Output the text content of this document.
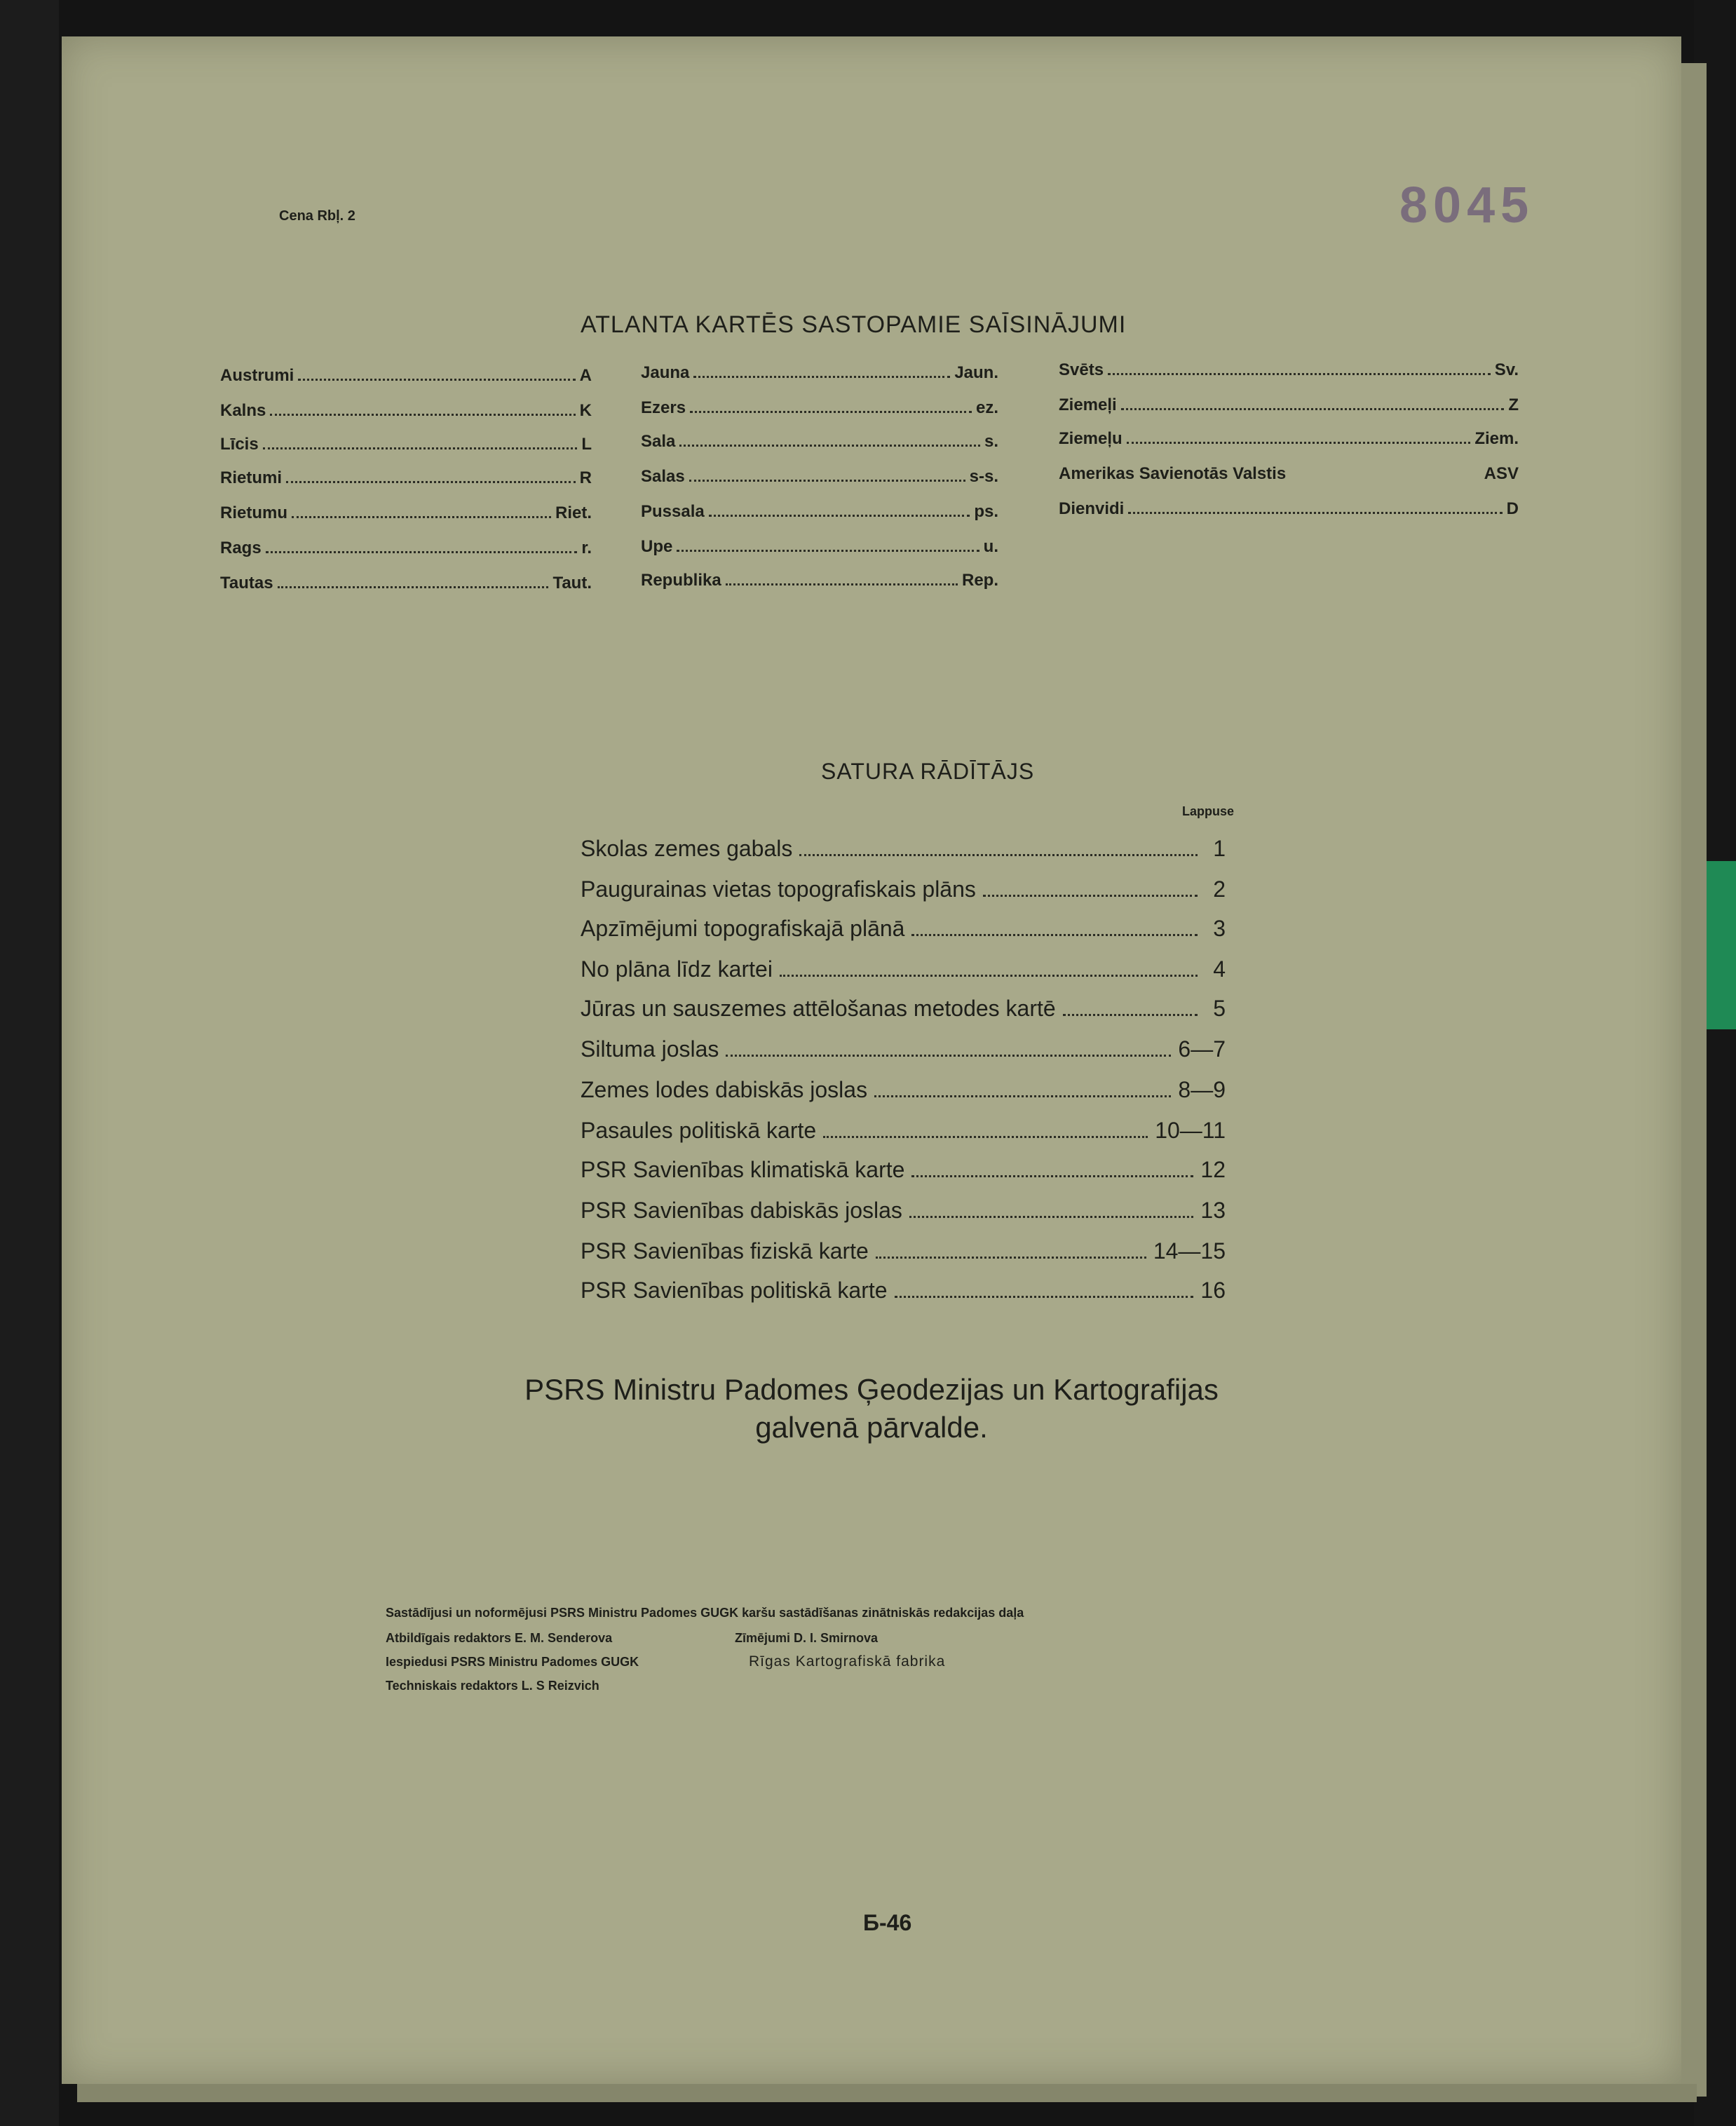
Cena Rbļ. 2	8045
ATLANTA KARTĒS SASTOPAMIE SAĪSINĀJUMI
Austrumi	A
Kalns	K
Līcis	L
Rietumi	R
Rietumu	Riet.
Rags	r.
Tautas	Taut.
Jauna	Jaun.
Ezers	ez.
Sala	s.
Salas	s-s.
Pussala	ps.
Upe	u.
Republika	Rep.
Svēts	Sv.
Ziemeļi	Z
Ziemeļu	Ziem.
Amerikas Savienotās Valstis	ASV
Dienvidi	D
SATURA RĀDĪTĀJS
Lappuse
Skolas zemes gabals	1
Paugurainas vietas topografiskais plāns	2
Apzīmējumi topografiskajā plānā	3
No plāna līdz kartei	4
Jūras un sauszemes attēlošanas metodes kartē	5
Siltuma joslas	6—7
Zemes lodes dabiskās joslas	8—9
Pasaules politiskā karte	10—11
PSR Savienības klimatiskā karte	12
PSR Savienības dabiskās joslas	13
PSR Savienības fiziskā karte	14—15
PSR Savienības politiskā karte	16
PSRS Ministru Padomes Ģeodezijas un Kartografijas
galvenā pārvalde.
Sastādījusi un noformējusi PSRS Ministru Padomes GUGK karšu sastādīšanas zinātniskās redakcijas daļa
Atbildīgais redaktors E. M. Senderova	Zīmējumi D. I. Smirnova
Iespiedusi PSRS Ministru Padomes GUGK	Rīgas Kartografiskā fabrika
Techniskais redaktors L. S Reizvich
Б-46
